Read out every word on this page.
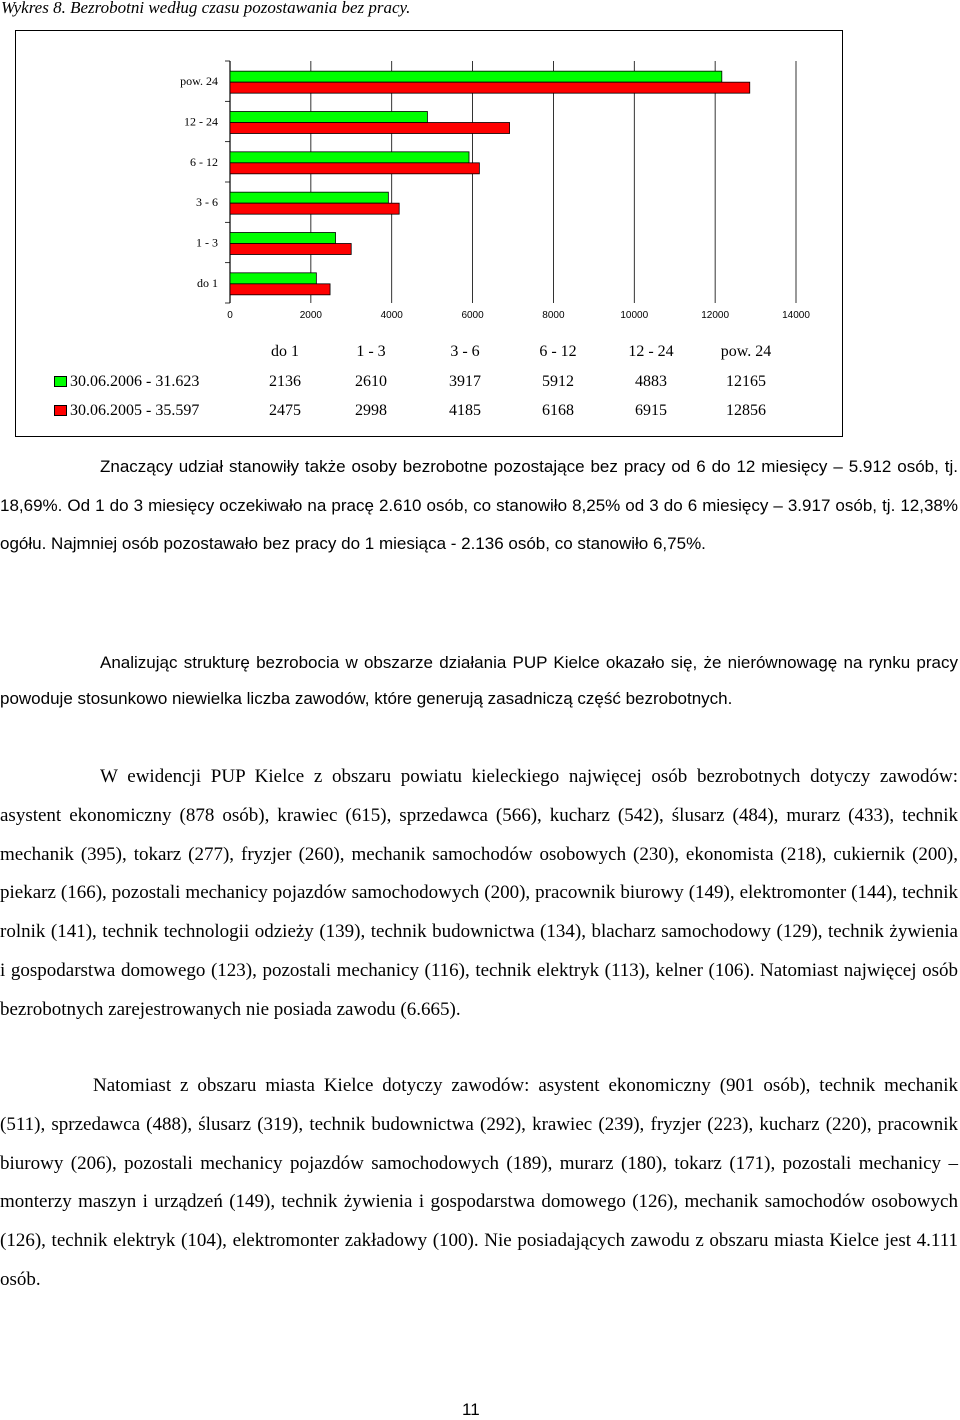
Wykres 8. Bezrobotni według czasu pozostawania bez pracy.
0	2000	4000	6000	8000	10000	12000	14000
do 1
1 - 3
3 - 6
6 - 12
12 - 24
pow. 24
do 1	1 - 3	3 - 6	6 - 12	12 - 24	pow. 24
30.06.2006 - 31.623	2136	2610	3917	5912	4883	12165
30.06.2005 - 35.597	2475	2998	4185	6168	6915	12856

Znaczący udział stanowiły także osoby bezrobotne pozostające bez pracy od 6 do 12 miesięcy – 5.912 osób, tj. 18,69%. Od 1 do 3 miesięcy oczekiwało na pracę 2.610 osób, co stanowiło 8,25% od 3 do 6 miesięcy – 3.917 osób, tj. 12,38% ogółu. Najmniej osób pozostawało bez pracy do 1 miesiąca - 2.136 osób, co stanowiło 6,75%.

Analizując strukturę bezrobocia w obszarze działania PUP Kielce okazało się, że nierównowagę na rynku pracy powoduje stosunkowo niewielka liczba zawodów, które generują zasadniczą część bezrobotnych.

W ewidencji PUP Kielce z obszaru powiatu kieleckiego najwięcej osób bezrobotnych dotyczy zawodów: asystent ekonomiczny (878 osób), krawiec (615), sprzedawca (566), kucharz (542), ślusarz (484), murarz (433), technik mechanik (395), tokarz (277), fryzjer (260), mechanik samochodów osobowych (230), ekonomista (218), cukiernik (200), piekarz (166), pozostali mechanicy pojazdów samochodowych (200), pracownik biurowy (149), elektromonter (144), technik rolnik (141), technik technologii odzieży (139), technik budownictwa (134), blacharz samochodowy (129), technik żywienia i gospodarstwa domowego (123), pozostali mechanicy (116), technik elektryk (113), kelner (106). Natomiast najwięcej osób bezrobotnych zarejestrowanych nie posiada zawodu (6.665).

Natomiast z obszaru miasta Kielce dotyczy zawodów: asystent ekonomiczny (901 osób), technik mechanik (511), sprzedawca (488), ślusarz (319), technik budownictwa (292), krawiec (239), fryzjer (223), kucharz (220), pracownik biurowy (206), pozostali mechanicy pojazdów samochodowych (189), murarz (180), tokarz (171), pozostali mechanicy – monterzy maszyn i urządzeń (149), technik żywienia i gospodarstwa domowego (126), mechanik samochodów osobowych (126), technik elektryk (104), elektromonter zakładowy (100). Nie posiadających zawodu z obszaru miasta Kielce jest 4.111 osób.

11
